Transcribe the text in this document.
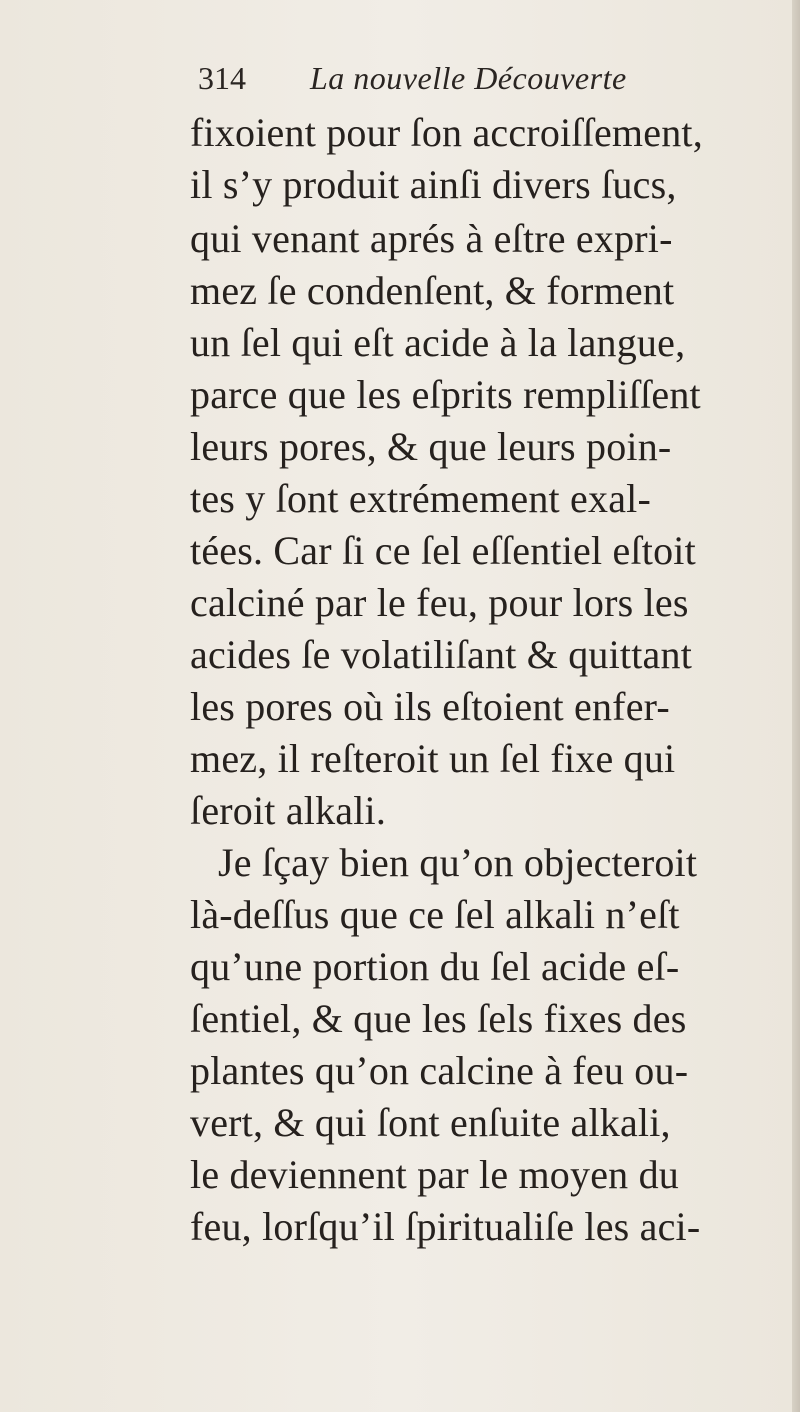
314 La nouvelle Découverte
fixoient pour ſon accroiſſement,
il s’y produit ainſi divers ſucs,
qui venant aprés à eſtre expri-
mez ſe condenſent, & forment
un ſel qui eſt acide à la langue,
parce que les eſprits rempliſſent
leurs pores, & que leurs poin-
tes y ſont extrémement exal-
tées. Car ſi ce ſel eſſentiel eſtoit
calciné par le feu, pour lors les
acides ſe volatiliſant & quittant
les pores où ils eſtoient enfer-
mez, il reſteroit un ſel fixe qui
ſeroit alkali.
Je ſçay bien qu’on objecteroit
là-deſſus que ce ſel alkali n’eſt
qu’une portion du ſel acide eſ-
ſentiel, & que les ſels fixes des
plantes qu’on calcine à feu ou-
vert, & qui ſont enſuite alkali,
le deviennent par le moyen du
feu, lorſqu’il ſpiritualiſe les aci-
